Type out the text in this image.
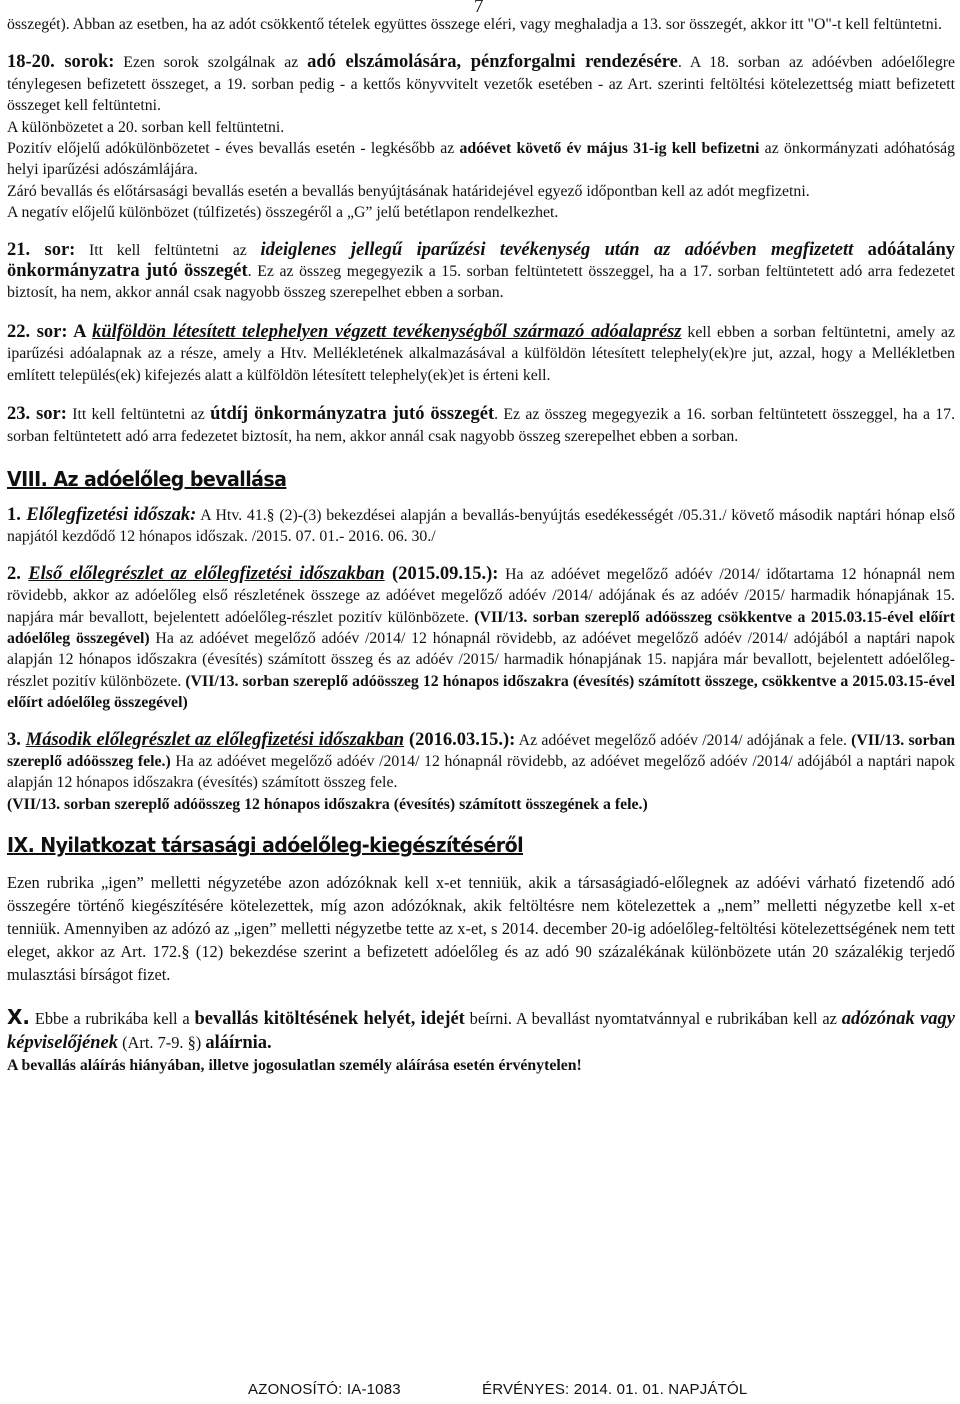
7

összegét). Abban az esetben, ha az adót csökkentő tételek együttes összege eléri, vagy meghaladja a 13. sor összegét, akkor itt "O"-t kell feltüntetni.

18-20. sorok: Ezen sorok szolgálnak az adó elszámolására, pénzforgalmi rendezésére. A 18. sorban az adóévben adóelőlegre ténylegesen befizetett összeget, a 19. sorban pedig - a kettős könyvvitelt vezetők esetében - az Art. szerinti feltöltési kötelezettség miatt befizetett összeget kell feltüntetni.

A különbözetet a 20. sorban kell feltüntetni.

Pozitív előjelű adókülönbözetet - éves bevallás esetén - legkésőbb az adóévet követő év május 31-ig kell befizetni az önkormányzati adóhatóság helyi iparűzési adószámlájára.

Záró bevallás és előtársasági bevallás esetén a bevallás benyújtásának határidejével egyező időpontban kell az adót megfizetni.

A negatív előjelű különbözet (túlfizetés) összegéről a „G” jelű betétlapon rendelkezhet.

21. sor: Itt kell feltüntetni az ideiglenes jellegű iparűzési tevékenység után az adóévben megfizetett adóátalány önkormányzatra jutó összegét. Ez az összeg megegyezik a 15. sorban feltüntetett összeggel, ha a 17. sorban feltüntetett adó arra fedezetet biztosít, ha nem, akkor annál csak nagyobb összeg szerepelhet ebben a sorban.

22. sor: A külföldön létesített telephelyen végzett tevékenységből származó adóalaprész kell ebben a sorban feltüntetni, amely az iparűzési adóalapnak az a része, amely a Htv. Mellékletének alkalmazásával a külföldön létesített telephely(ek)re jut, azzal, hogy a Mellékletben említett település(ek) kifejezés alatt a külföldön létesített telephely(ek)et is érteni kell.

23. sor: Itt kell feltüntetni az útdíj önkormányzatra jutó összegét. Ez az összeg megegyezik a 16. sorban feltüntetett összeggel, ha a 17. sorban feltüntetett adó arra fedezetet biztosít, ha nem, akkor annál csak nagyobb összeg szerepelhet ebben a sorban.

VIII. Az adóelőleg bevallása

1. Előlegfizetési időszak: A Htv. 41.§ (2)-(3) bekezdései alapján a bevallás-benyújtás esedékességét /05.31./ követő második naptári hónap első napjától kezdődő 12 hónapos időszak. /2015. 07. 01.- 2016. 06. 30./

2. Első előlegrészlet az előlegfizetési időszakban (2015.09.15.): Ha az adóévet megelőző adóév /2014/ időtartama 12 hónapnál nem rövidebb, akkor az adóelőleg első részletének összege az adóévet megelőző adóév /2014/ adójának és az adóév /2015/ harmadik hónapjának 15. napjára már bevallott, bejelentett adóelőleg-részlet pozitív különbözete. (VII/13. sorban szereplő adóösszeg csökkentve a 2015.03.15-ével előírt adóelőleg összegével) Ha az adóévet megelőző adóév /2014/ 12 hónapnál rövidebb, az adóévet megelőző adóév /2014/ adójából a naptári napok alapján 12 hónapos időszakra (évesítés) számított összeg és az adóév /2015/ harmadik hónapjának 15. napjára már bevallott, bejelentett adóelőleg-részlet pozitív különbözete. (VII/13. sorban szereplő adóösszeg 12 hónapos időszakra (évesítés) számított összege, csökkentve a 2015.03.15-ével előírt adóelőleg összegével)

3. Második előlegrészlet az előlegfizetési időszakban (2016.03.15.): Az adóévet megelőző adóév /2014/ adójának a fele. (VII/13. sorban szereplő adóösszeg fele.) Ha az adóévet megelőző adóév /2014/ 12 hónapnál rövidebb, az adóévet megelőző adóév /2014/ adójából a naptári napok alapján 12 hónapos időszakra (évesítés) számított összeg fele.
(VII/13. sorban szereplő adóösszeg 12 hónapos időszakra (évesítés) számított összegének a fele.)

IX. Nyilatkozat társasági adóelőleg-kiegészítéséről

Ezen rubrika „igen” melletti négyzetébe azon adózóknak kell x-et tenniük, akik a társaságiadó-előlegnek az adóévi várható fizetendő adó összegére történő kiegészítésére kötelezettek, míg azon adózóknak, akik feltöltésre nem kötelezettek a „nem” melletti négyzetbe kell x-et tenniük. Amennyiben az adózó az „igen” melletti négyzetbe tette az x-et, s 2014. december 20-ig adóelőleg-feltöltési kötelezettségének nem tett eleget, akkor az Art. 172.§ (12) bekezdése szerint a befizetett adóelőleg és az adó 90 százalékának különbözete után 20 százalékig terjedő mulasztási bírságot fizet.

X. Ebbe a rubrikába kell a bevallás kitöltésének helyét, idejét beírni. A bevallást nyomtatvánnyal e rubrikában kell az adózónak vagy képviselőjének (Art. 7-9. §) aláírnia.

A bevallás aláírás hiányában, illetve jogosulatlan személy aláírása esetén érvénytelen!

AZONOSÍTÓ: IA-1083	ÉRVÉNYES: 2014. 01. 01. NAPJÁTÓL
